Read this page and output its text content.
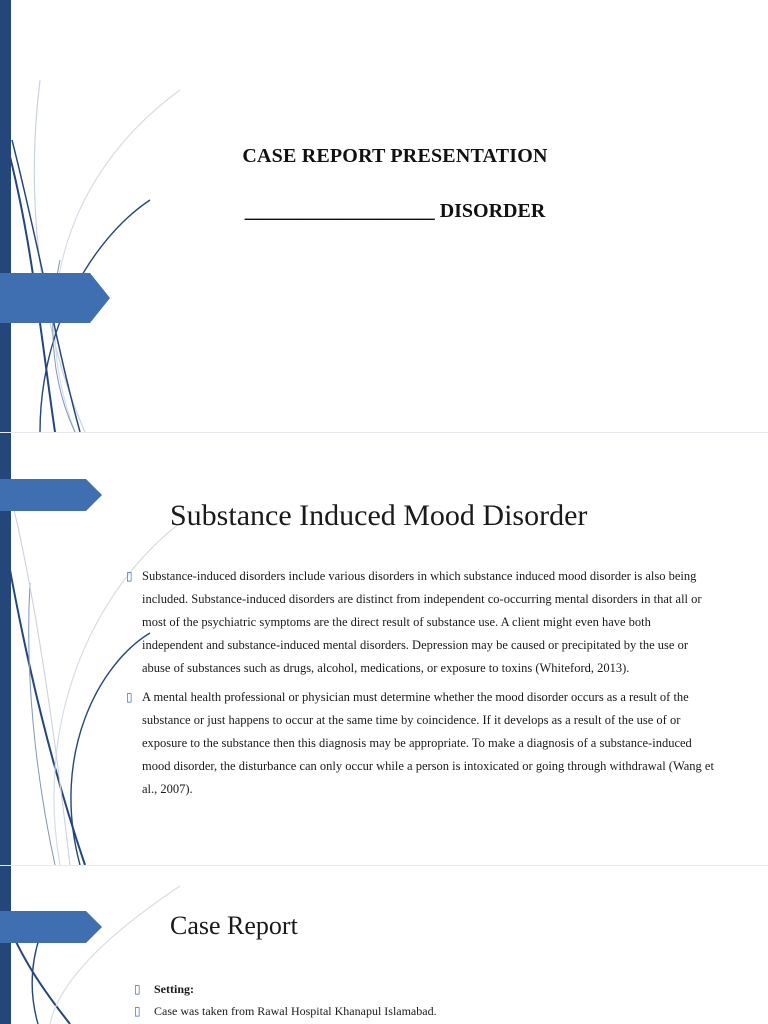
CASE REPORT PRESENTATION
___________________ DISORDER
Substance Induced Mood Disorder
▯ Substance-induced disorders include various disorders in which substance induced mood disorder is also being included. Substance-induced disorders are distinct from independent co-occurring mental disorders in that all or most of the psychiatric symptoms are the direct result of substance use. A client might even have both independent and substance-induced mental disorders. Depression may be caused or precipitated by the use or abuse of substances such as drugs, alcohol, medications, or exposure to toxins (Whiteford, 2013).
▯ A mental health professional or physician must determine whether the mood disorder occurs as a result of the substance or just happens to occur at the same time by coincidence. If it develops as a result of the use of or exposure to the substance then this diagnosis may be appropriate. To make a diagnosis of a substance-induced mood disorder, the disturbance can only occur while a person is intoxicated or going through withdrawal (Wang et al., 2007).
Case Report
▯	Setting:
▯	Case was taken from Rawal Hospital Khanapul Islamabad.
